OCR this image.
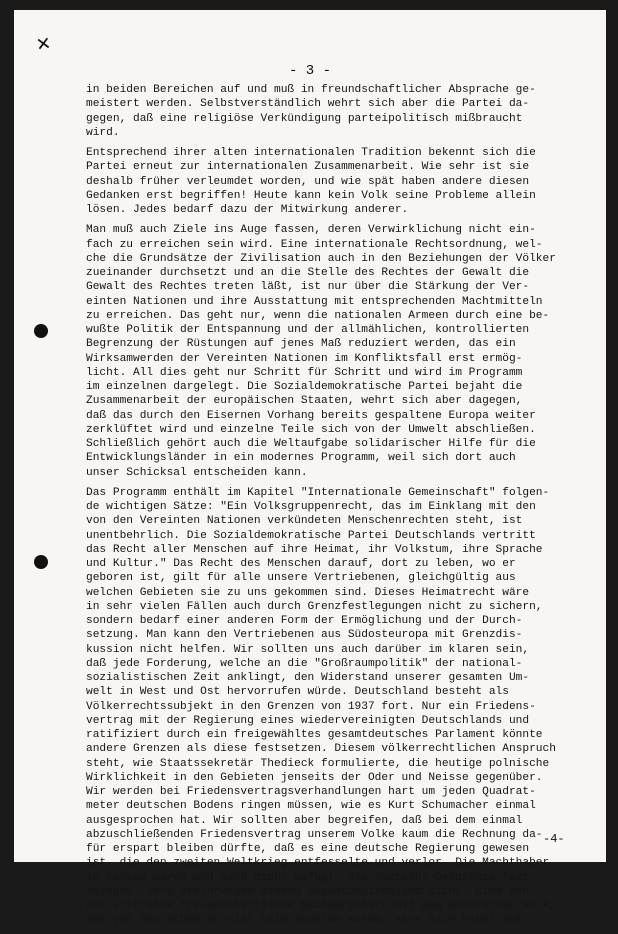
✕
- 3 -
in beiden Bereichen auf und muß in freundschaftlicher Absprache ge-
meistert werden. Selbstverständlich wehrt sich aber die Partei da-
gegen, daß eine religiöse Verkündigung parteipolitisch mißbraucht
wird.
Entsprechend ihrer alten internationalen Tradition bekennt sich die
Partei erneut zur internationalen Zusammenarbeit. Wie sehr ist sie
deshalb früher verleumdet worden, und wie spät haben andere diesen
Gedanken erst begriffen! Heute kann kein Volk seine Probleme allein
lösen. Jedes bedarf dazu der Mitwirkung anderer.
Man muß auch Ziele ins Auge fassen, deren Verwirklichung nicht ein-
fach zu erreichen sein wird. Eine internationale Rechtsordnung, wel-
che die Grundsätze der Zivilisation auch in den Beziehungen der Völker
zueinander durchsetzt und an die Stelle des Rechtes der Gewalt die
Gewalt des Rechtes treten läßt, ist nur über die Stärkung der Ver-
einten Nationen und ihre Ausstattung mit entsprechenden Machtmitteln
zu erreichen. Das geht nur, wenn die nationalen Armeen durch eine be-
wußte Politik der Entspannung und der allmählichen, kontrollierten
Begrenzung der Rüstungen auf jenes Maß reduziert werden, das ein
Wirksamwerden der Vereinten Nationen im Konfliktsfall erst ermög-
licht. All dies geht nur Schritt für Schritt und wird im Programm
im einzelnen dargelegt. Die Sozialdemokratische Partei bejaht die
Zusammenarbeit der europäischen Staaten, wehrt sich aber dagegen,
daß das durch den Eisernen Vorhang bereits gespaltene Europa weiter
zerklüftet wird und einzelne Teile sich von der Umwelt abschließen.
Schließlich gehört auch die Weltaufgabe solidarischer Hilfe für die
Entwicklungsländer in ein modernes Programm, weil sich dort auch
unser Schicksal entscheiden kann.
Das Programm enthält im Kapitel "Internationale Gemeinschaft" folgen-
de wichtigen Sätze: "Ein Volksgruppenrecht, das im Einklang mit den
von den Vereinten Nationen verkündeten Menschenrechten steht, ist
unentbehrlich. Die Sozialdemokratische Partei Deutschlands vertritt
das Recht aller Menschen auf ihre Heimat, ihr Volkstum, ihre Sprache
und Kultur." Das Recht des Menschen darauf, dort zu leben, wo er
geboren ist, gilt für alle unsere Vertriebenen, gleichgültig aus
welchen Gebieten sie zu uns gekommen sind. Dieses Heimatrecht wäre
in sehr vielen Fällen auch durch Grenzfestlegungen nicht zu sichern,
sondern bedarf einer anderen Form der Ermöglichung und der Durch-
setzung. Man kann den Vertriebenen aus Südosteuropa mit Grenzdis-
kussion nicht helfen. Wir sollten uns auch darüber im klaren sein,
daß jede Forderung, welche an die "Großraumpolitik" der national-
sozialistischen Zeit anklingt, den Widerstand unserer gesamten Um-
welt in West und Ost hervorrufen würde. Deutschland besteht als
Völkerrechtssubjekt in den Grenzen von 1937 fort. Nur ein Friedens-
vertrag mit der Regierung eines wiedervereinigten Deutschlands und
ratifiziert durch ein freigewähltes gesamtdeutsches Parlament könnte
andere Grenzen als diese festsetzen. Diesem völkerrechtlichen Anspruch
steht, wie Staatssekretär Thedieck formulierte, die heutige polnische
Wirklichkeit in den Gebieten jenseits der Oder und Neisse gegenüber.
Wir werden bei Friedensvertragsverhandlungen hart um jeden Quadrat-
meter deutschen Bodens ringen müssen, wie es Kurt Schumacher einmal
ausgesprochen hat. Wir sollten aber begreifen, daß bei dem einmal
abzuschließenden Friedensvertrag unserem Volke kaum die Rechnung da-
für erspart bleiben dürfte, daß es eine deutsche Regierung gewesen
ist, die den zweiten Weltkrieg entfesselte und verlor. Die Machthaber
in Pankow waren und sind nicht befugt, die deutsche Ostgrenze fest-
zulegen. Ihre Erklärungen binden Gesamtdeutschland nicht. Eine von
uns erstrebte freundschaftliche Nachbarschaft mit dem polnischen Volk,
dem von Deutschen so viel Leid angetan wurde, kann sich nicht auf
-4-
